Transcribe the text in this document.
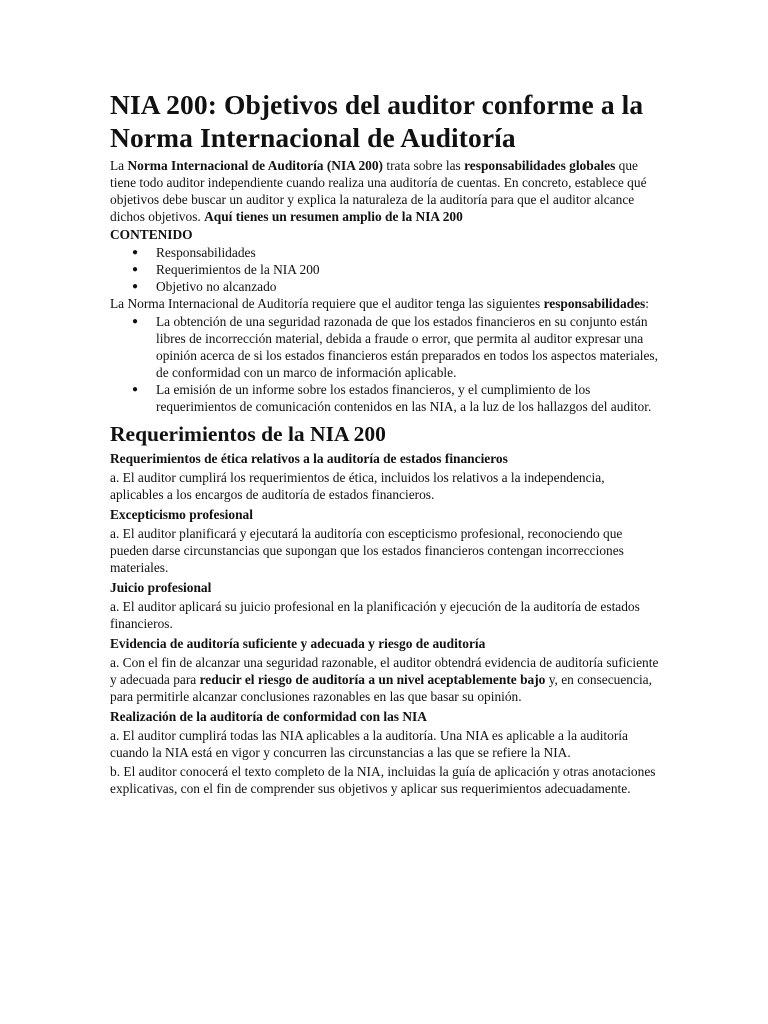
NIA 200: Objetivos del auditor conforme a la Norma Internacional de Auditoría

La Norma Internacional de Auditoría (NIA 200) trata sobre las responsabilidades globales que tiene todo auditor independiente cuando realiza una auditoría de cuentas. En concreto, establece qué objetivos debe buscar un auditor y explica la naturaleza de la auditoría para que el auditor alcance dichos objetivos. Aquí tienes un resumen amplio de la NIA 200

CONTENIDO
● Responsabilidades
● Requerimientos de la NIA 200
● Objetivo no alcanzado

La Norma Internacional de Auditoría requiere que el auditor tenga las siguientes responsabilidades:

● La obtención de una seguridad razonada de que los estados financieros en su conjunto están libres de incorrección material, debida a fraude o error, que permita al auditor expresar una opinión acerca de si los estados financieros están preparados en todos los aspectos materiales, de conformidad con un marco de información aplicable.
● La emisión de un informe sobre los estados financieros, y el cumplimiento de los requerimientos de comunicación contenidos en las NIA, a la luz de los hallazgos del auditor.
Requerimientos de la NIA 200
Requerimientos de ética relativos a la auditoría de estados financieros

a. El auditor cumplirá los requerimientos de ética, incluidos los relativos a la independencia, aplicables a los encargos de auditoría de estados financieros.

Excepticismo profesional

a. El auditor planificará y ejecutará la auditoría con escepticismo profesional, reconociendo que pueden darse circunstancias que supongan que los estados financieros contengan incorrecciones materiales.

Juicio profesional

a. El auditor aplicará su juicio profesional en la planificación y ejecución de la auditoría de estados financieros.

Evidencia de auditoría suficiente y adecuada y riesgo de auditoría

a. Con el fin de alcanzar una seguridad razonable, el auditor obtendrá evidencia de auditoría suficiente y adecuada para reducir el riesgo de auditoría a un nivel aceptablemente bajo y, en consecuencia, para permitirle alcanzar conclusiones razonables en las que basar su opinión.

Realización de la auditoría de conformidad con las NIA

a. El auditor cumplirá todas las NIA aplicables a la auditoría. Una NIA es aplicable a la auditoría cuando la NIA está en vigor y concurren las circunstancias a las que se refiere la NIA.

b. El auditor conocerá el texto completo de la NIA, incluidas la guía de aplicación y otras anotaciones explicativas, con el fin de comprender sus objetivos y aplicar sus requerimientos adecuadamente.
